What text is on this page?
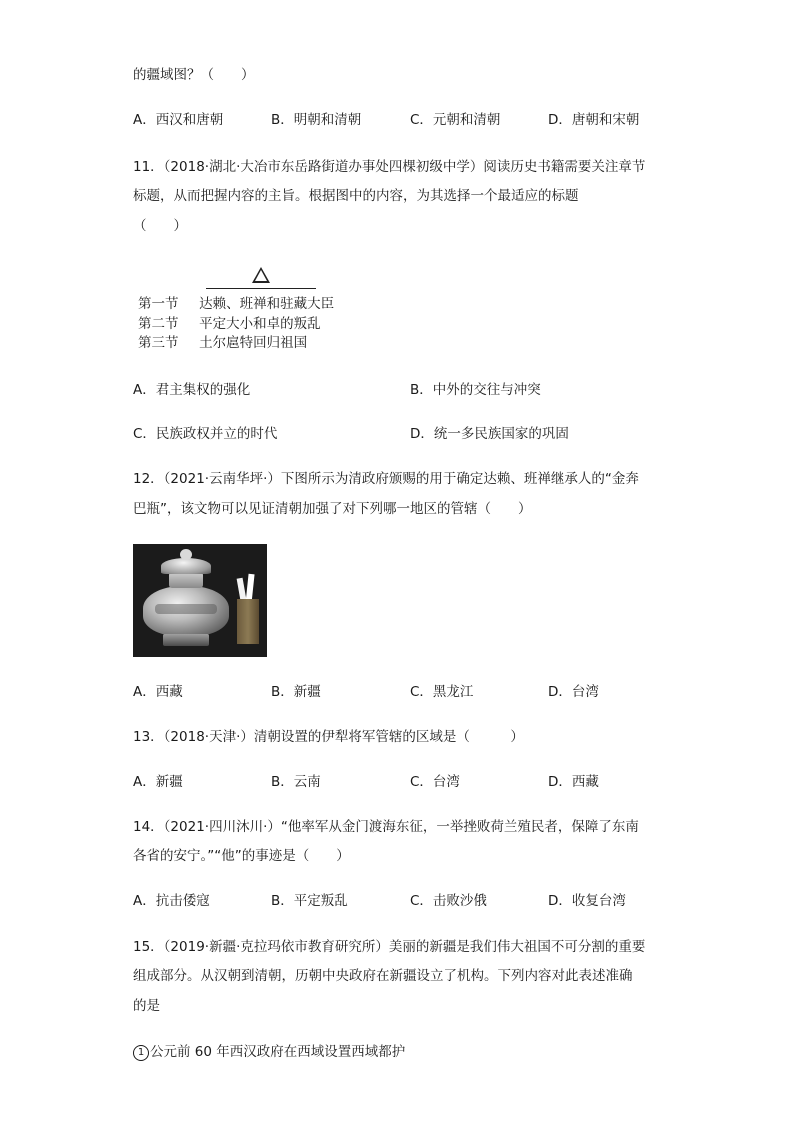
的疆域图？（　　）
A．西汉和唐朝	B．明朝和清朝	C．元朝和清朝	D．唐朝和宋朝
11．（2018·湖北·大冶市东岳路街道办事处四棵初级中学）阅读历史书籍需要关注章节
标题，从而把握内容的主旨。根据图中的内容，为其选择一个最适应的标题
（　　）
第一节 达赖、班禅和驻藏大臣
第二节 平定大小和卓的叛乱
第三节 土尔扈特回归祖国
A．君主集权的强化	B．中外的交往与冲突
C．民族政权并立的时代	D．统一多民族国家的巩固
12．（2021·云南华坪·）下图所示为清政府颁赐的用于确定达赖、班禅继承人的“金奔
巴瓶”，该文物可以见证清朝加强了对下列哪一地区的管辖（　　）
A．西藏	B．新疆	C．黑龙江	D．台湾
13．（2018·天津·）清朝设置的伊犁将军管辖的区域是（　　　）
A．新疆	B．云南	C．台湾	D．西藏
14．（2021·四川沐川·）“他率军从金门渡海东征，一举挫败荷兰殖民者，保障了东南
各省的安宁。”“他”的事迹是（　　）
A．抗击倭寇	B．平定叛乱	C．击败沙俄	D．收复台湾
15．（2019·新疆·克拉玛依市教育研究所）美丽的新疆是我们伟大祖国不可分割的重要
组成部分。从汉朝到清朝，历朝中央政府在新疆设立了机构。下列内容对此表述准确
的是
1 公元前 60 年西汉政府在西域设置西域都护
